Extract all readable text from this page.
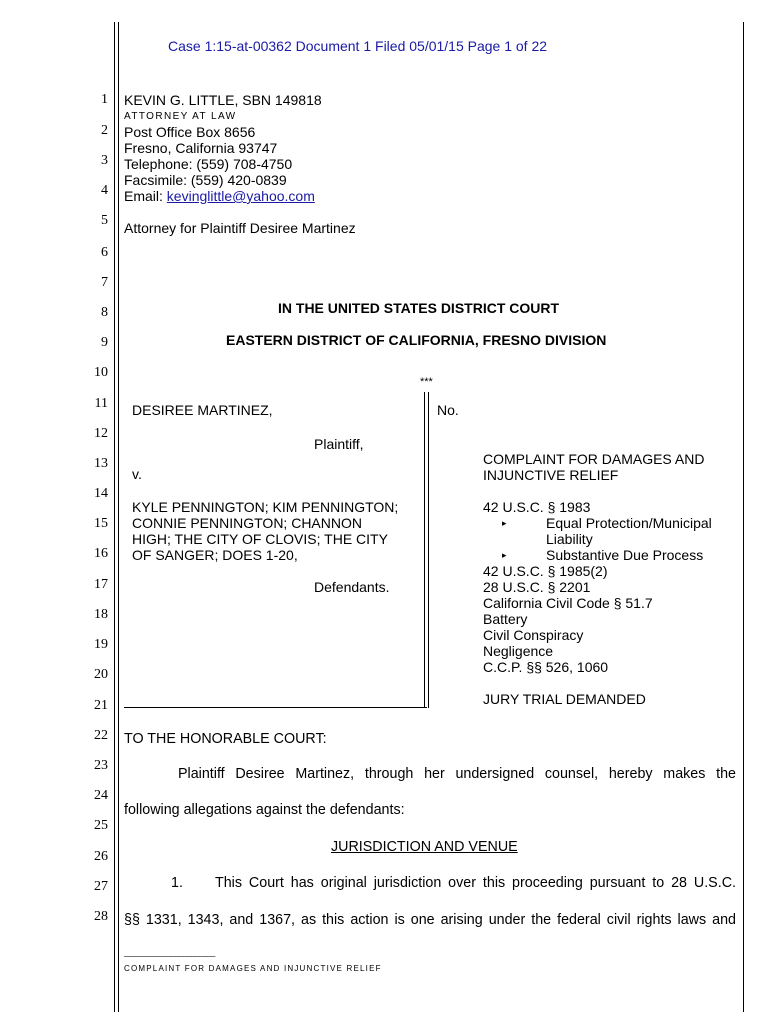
Case 1:15-at-00362 Document 1 Filed 05/01/15 Page 1 of 22
1
2
3
4
5
6
7
8
9
10
11
12
13
14
15
16
17
18
19
20
21
22
23
24
25
26
27
28
KEVIN G. LITTLE, SBN 149818
ATTORNEY AT LAW
Post Office Box 8656
Fresno, California 93747
Telephone: (559) 708-4750
Facsimile: (559) 420-0839
Email: kevinglittle@yahoo.com
Attorney for Plaintiff Desiree Martinez
IN THE UNITED STATES DISTRICT COURT
EASTERN DISTRICT OF CALIFORNIA, FRESNO DIVISION
***
DESIREE MARTINEZ,
Plaintiff,
v.
KYLE PENNINGTON; KIM PENNINGTON;
CONNIE PENNINGTON; CHANNON
HIGH; THE CITY OF CLOVIS; THE CITY
OF SANGER; DOES 1-20,
Defendants.
No.
COMPLAINT FOR DAMAGES AND
INJUNCTIVE RELIEF
42 U.S.C. § 1983
▸	Equal Protection/Municipal
Liability
▸	Substantive Due Process
42 U.S.C. § 1985(2)
28 U.S.C. § 2201
California Civil Code § 51.7
Battery
Civil Conspiracy
Negligence
C.C.P. §§ 526, 1060
JURY TRIAL DEMANDED
TO THE HONORABLE COURT:
Plaintiff Desiree Martinez, through her undersigned counsel, hereby makes the
following allegations against the defendants:
JURISDICTION AND VENUE
1. This Court has original jurisdiction over this proceeding pursuant to 28 U.S.C.
§§ 1331, 1343, and 1367, as this action is one arising under the federal civil rights laws and
_______________________
COMPLAINT FOR DAMAGES AND INJUNCTIVE RELIEF
